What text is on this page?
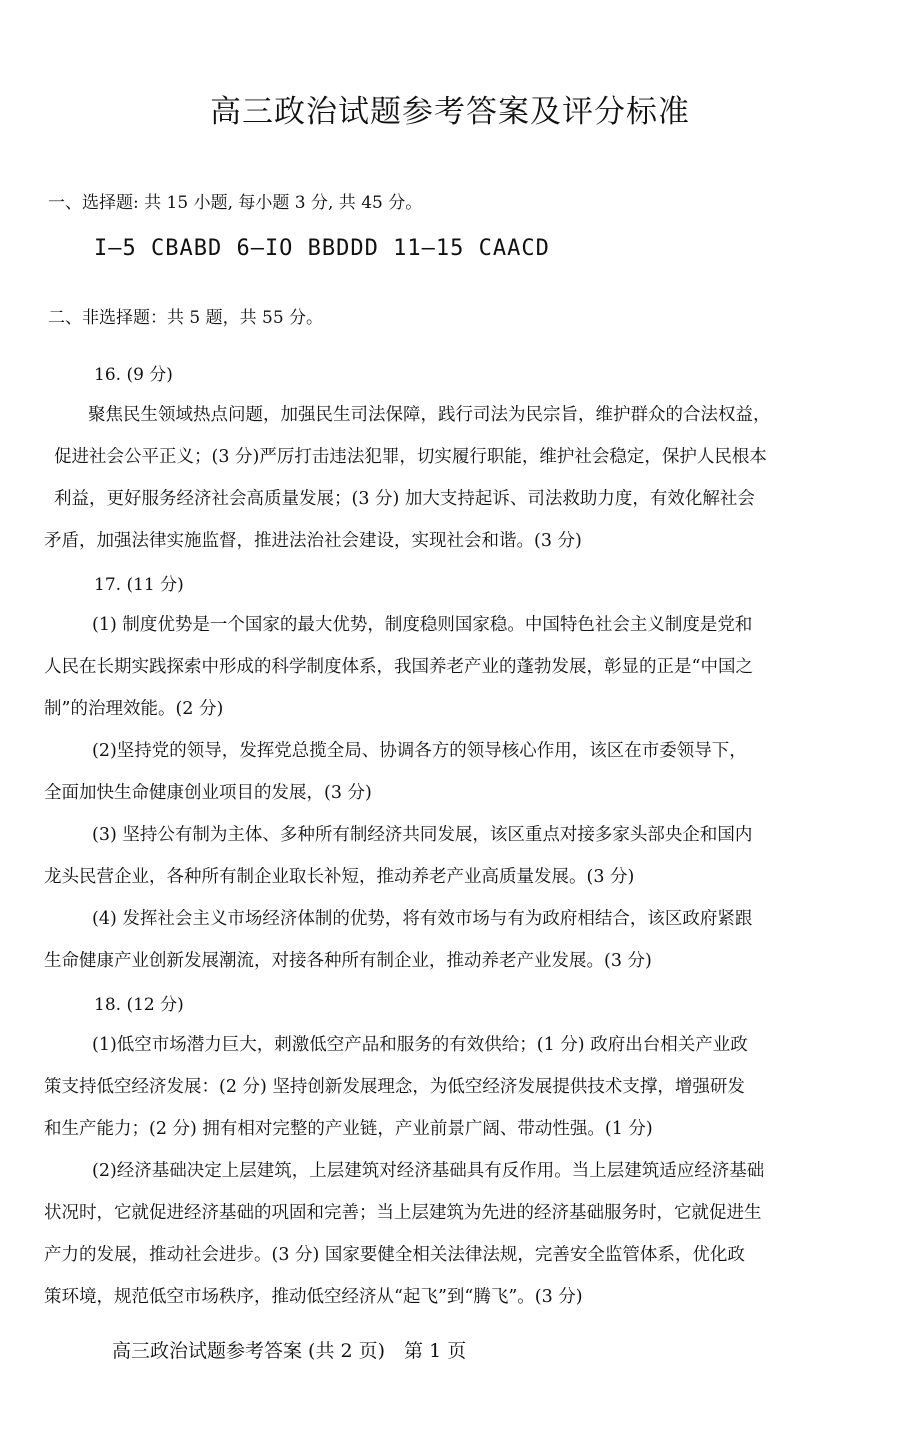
高三政治试题参考答案及评分标准
一、选择题: 共 15 小题, 每小题 3 分, 共 45 分。
I—5 CBABD 6—IO BBDDD 11—15 CAACD
二、非选择题：共 5 题，共 55 分。
16. (9 分)
聚焦民生领域热点问题，加强民生司法保障，践行司法为民宗旨，维护群众的合法权益，
促进社会公平正义；(3 分)严厉打击违法犯罪，切实履行职能，维护社会稳定，保护人民根本
利益，更好服务经济社会高质量发展；(3 分) 加大支持起诉、司法救助力度，有效化解社会
矛盾，加强法律实施监督，推进法治社会建设，实现社会和谐。(3 分)
17. (11 分)
(1) 制度优势是一个国家的最大优势，制度稳则国家稳。中国特色社会主义制度是党和
人民在长期实践探索中形成的科学制度体系，我国养老产业的蓬勃发展，彰显的正是“中国之
制”的治理效能。(2 分)
(2)坚持党的领导，发挥党总揽全局、协调各方的领导核心作用，该区在市委领导下，
全面加快生命健康创业项目的发展，(3 分)
(3) 坚持公有制为主体、多种所有制经济共同发展，该区重点对接多家头部央企和国内
龙头民营企业，各种所有制企业取长补短，推动养老产业高质量发展。(3 分)
(4) 发挥社会主义市场经济体制的优势，将有效市场与有为政府相结合，该区政府紧跟
生命健康产业创新发展潮流，对接各种所有制企业，推动养老产业发展。(3 分)
18. (12 分)
(1)低空市场潜力巨大，刺激低空产品和服务的有效供给；(1 分) 政府出台相关产业政
策支持低空经济发展：(2 分) 坚持创新发展理念，为低空经济发展提供技术支撑，增强研发
和生产能力；(2 分) 拥有相对完整的产业链，产业前景广阔、带动性强。(1 分)
(2)经济基础决定上层建筑，上层建筑对经济基础具有反作用。当上层建筑适应经济基础
状况时，它就促进经济基础的巩固和完善；当上层建筑为先进的经济基础服务时，它就促进生
产力的发展，推动社会进步。(3 分) 国家要健全相关法律法规，完善安全监管体系，优化政
策环境，规范低空市场秩序，推动低空经济从“起飞”到“腾飞”。(3 分)
高三政治试题参考答案 (共 2 页)　第 1 页
